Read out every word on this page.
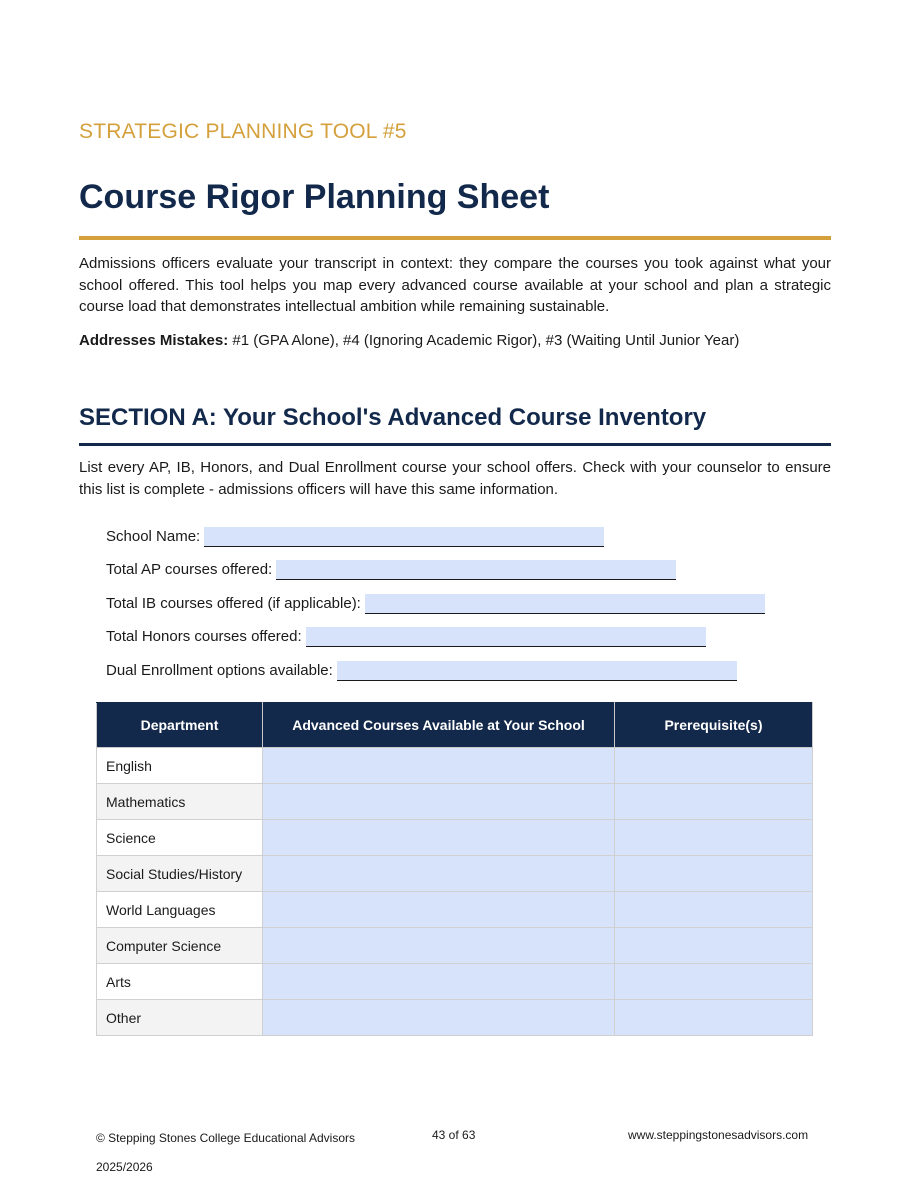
STRATEGIC PLANNING TOOL #5
Course Rigor Planning Sheet
Admissions officers evaluate your transcript in context: they compare the courses you took against what your school offered. This tool helps you map every advanced course available at your school and plan a strategic course load that demonstrates intellectual ambition while remaining sustainable.
Addresses Mistakes: #1 (GPA Alone), #4 (Ignoring Academic Rigor), #3 (Waiting Until Junior Year)
SECTION A: Your School's Advanced Course Inventory
List every AP, IB, Honors, and Dual Enrollment course your school offers. Check with your counselor to ensure this list is complete - admissions officers will have this same information.
School Name:
Total AP courses offered:
Total IB courses offered (if applicable):
Total Honors courses offered:
Dual Enrollment options available:
Department	Advanced Courses Available at Your School	Prerequisite(s)
English		
Mathematics		
Science		
Social Studies/History		
World Languages		
Computer Science		
Arts		
Other		
© Stepping Stones College Educational Advisors	43 of 63	www.steppingstonesadvisors.com
2025/2026
